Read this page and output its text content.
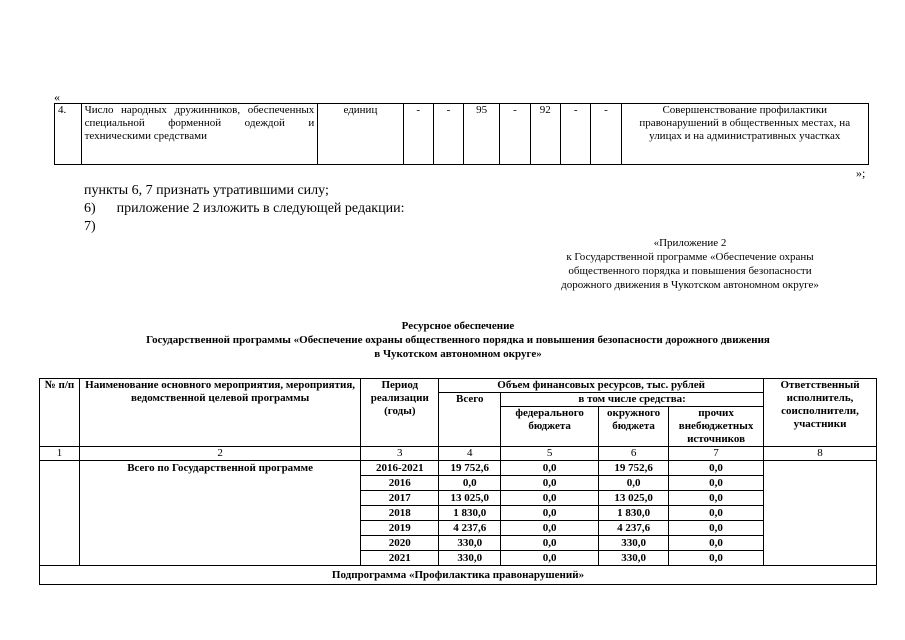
«
4.	Число народных дружинников, обеспеченных специальной форменной одеждой и техническими средствами	единиц	-	-	95	-	92	-	-	Совершенствование профилактики правонарушений в общественных местах, на улицах и на административных участках
»;
пункты 6, 7 признать утратившими силу;
6)      приложение 2 изложить в следующей редакции:
7)
«Приложение 2
к Государственной программе «Обеспечение охраны
общественного порядка и повышения безопасности
дорожного движения в Чукотском автономном округе»
Ресурсное обеспечение
Государственной программы «Обеспечение охраны общественного порядка и повышения безопасности дорожного движения
в Чукотском автономном округе»
№ п/п	Наименование основного мероприятия, мероприятия, ведомственной целевой программы	Период реализации (годы)	Объем финансовых ресурсов, тыс. рублей				Ответственный исполнитель, соисполнители, участники
			Всего	в том числе средства:			
				федерального бюджета	окружного бюджета	прочих внебюджетных источников	
1	2	3	4	5	6	7	8
	Всего по Государственной программе	2016-2021	19 752,6	0,0	19 752,6	0,0	
		2016	0,0	0,0	0,0	0,0	
		2017	13 025,0	0,0	13 025,0	0,0	
		2018	1 830,0	0,0	1 830,0	0,0	
		2019	4 237,6	0,0	4 237,6	0,0	
		2020	330,0	0,0	330,0	0,0	
		2021	330,0	0,0	330,0	0,0	
Подпрограмма «Профилактика правонарушений»							
